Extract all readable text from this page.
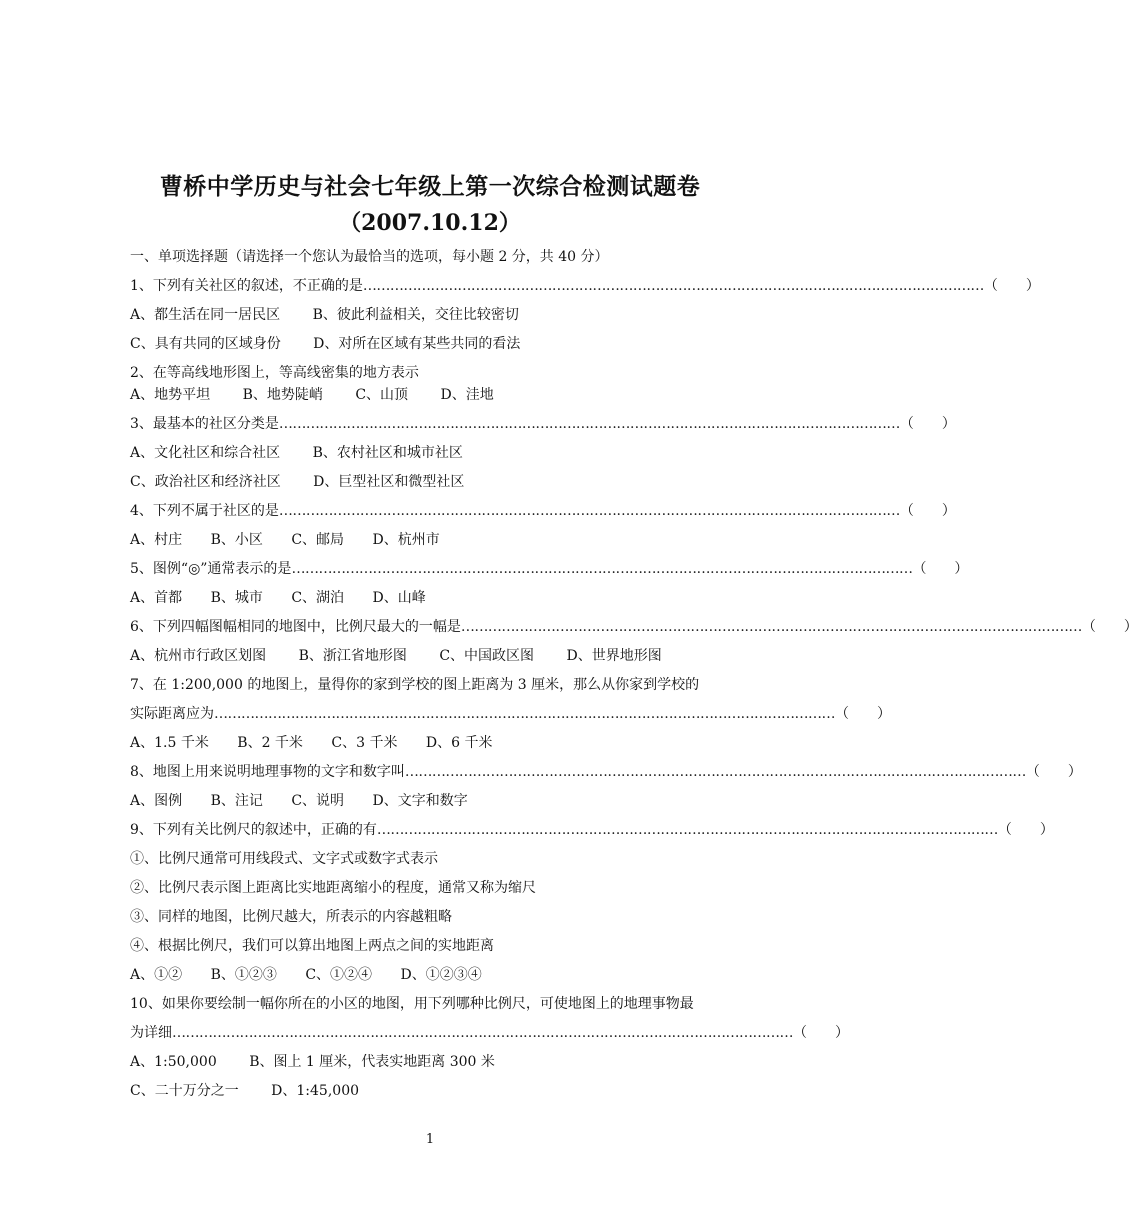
曹桥中学历史与社会七年级上第一次综合检测试题卷
（2007.10.12）
一、单项选择题（请选择一个您认为最恰当的选项，每小题 2 分，共 40 分）
1、下列有关社区的叙述，不正确的是 ………………………………………………………………………………………………………………………… （　　）
A、都生活在同一居民区 B、彼此利益相关，交往比较密切
C、具有共同的区域身份 D、对所在区域有某些共同的看法
2、在等高线地形图上，等高线密集的地方表示
A、地势平坦 B、地势陡峭 C、山顶 D、洼地
3、最基本的社区分类是 ………………………………………………………………………………………………………………………… （　　）
A、文化社区和综合社区 B、农村社区和城市社区
C、政治社区和经济社区 D、巨型社区和微型社区
4、下列不属于社区的是 ………………………………………………………………………………………………………………………… （　　）
A、村庄 B、小区 C、邮局 D、杭州市
5、图例“◎”通常表示的是 ………………………………………………………………………………………………………………………… （　　）
A、首都 B、城市 C、湖泊 D、山峰
6、下列四幅图幅相同的地图中，比例尺最大的一幅是 ………………………………………………………………………………………………………………………… （　　）
A、杭州市行政区划图 B、浙江省地形图 C、中国政区图 D、世界地形图
7、在 1:200,000 的地图上，量得你的家到学校的图上距离为 3 厘米，那么从你家到学校的
实际距离应为 ………………………………………………………………………………………………………………………… （　　）
A、1.5 千米 B、2 千米 C、3 千米 D、6 千米
8、地图上用来说明地理事物的文字和数字叫 ………………………………………………………………………………………………………………………… （　　）
A、图例 B、注记 C、说明 D、文字和数字
9、下列有关比例尺的叙述中，正确的有 ………………………………………………………………………………………………………………………… （　　）
①、比例尺通常可用线段式、文字式或数字式表示
②、比例尺表示图上距离比实地距离缩小的程度，通常又称为缩尺
③、同样的地图，比例尺越大，所表示的内容越粗略
④、根据比例尺，我们可以算出地图上两点之间的实地距离
A、①② B、①②③ C、①②④ D、①②③④
10、如果你要绘制一幅你所在的小区的地图，用下列哪种比例尺，可使地图上的地理事物最
为详细 ………………………………………………………………………………………………………………………… （　　）
A、1:50,000 B、图上 1 厘米，代表实地距离 300 米
C、二十万分之一 D、1:45,000
1
